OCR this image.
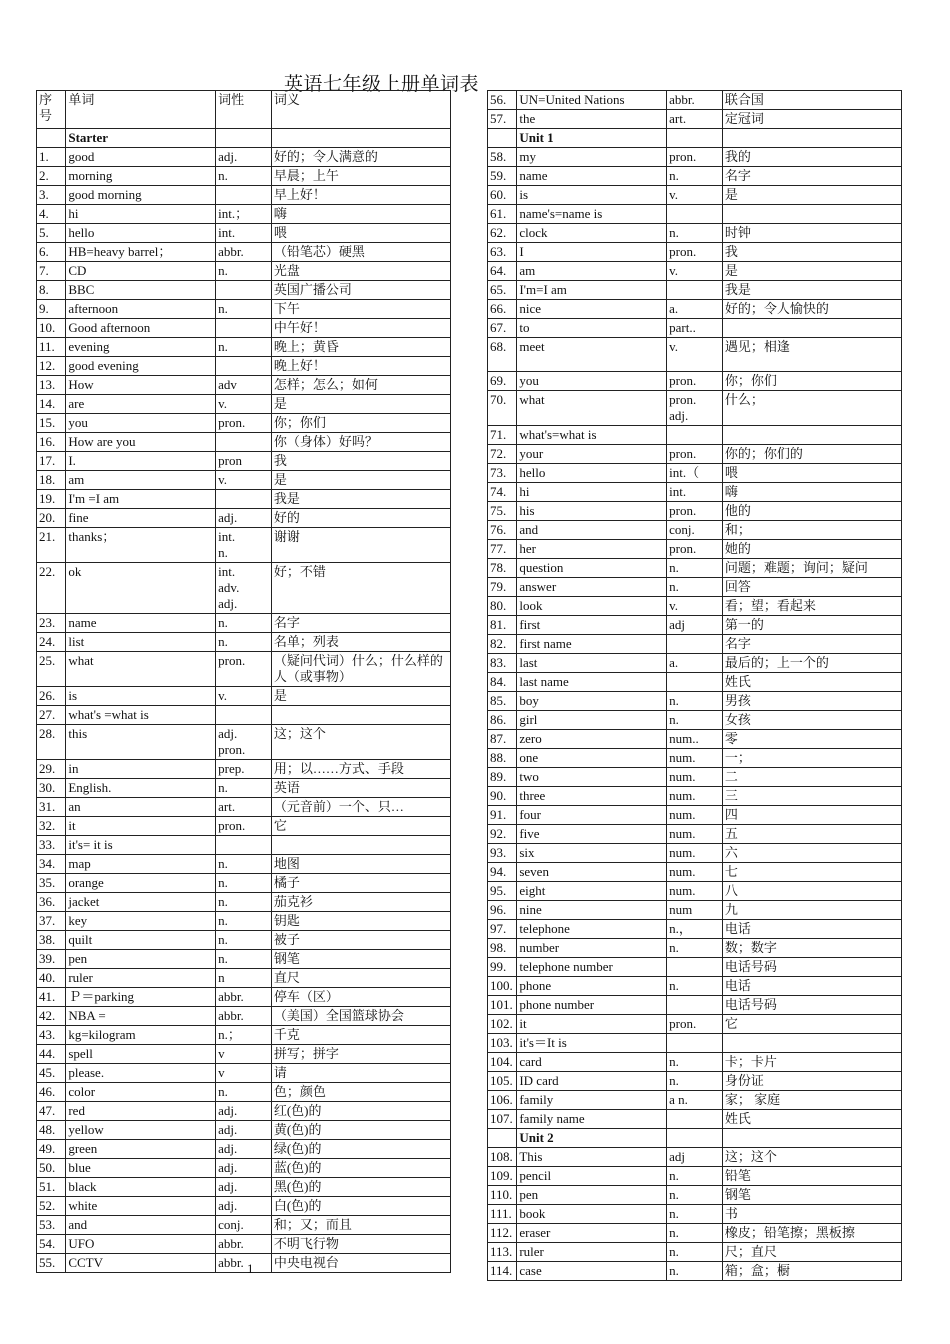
英语七年级上册单词表
序号	单词	词性	词义
	Starter		
1.	good	adj.	好的；令人满意的
2.	morning	n.	早晨；上午
3.	good morning		早上好！
4.	hi	int.；	嗨
5.	hello	int.	喂
6.	HB=heavy barrel；	abbr.	（铅笔芯）硬黑
7.	CD	n.	光盘
8.	BBC		英国广播公司
9.	afternoon	n.	下午
10.	Good afternoon		中午好！
11.	evening	n.	晚上；黄昏
12.	good evening		晚上好！
13.	How	adv	怎样；怎么；如何
14.	are	v.	是
15.	you	pron.	你；你们
16.	How are you		你（身体）好吗？
17.	I.	pron	我
18.	am	v.	是
19.	I'm =I am		我是
20.	fine	adj.	好的
21.	thanks；	int.
n.	谢谢
22.	ok	int.
adv.
adj.	好；不错
23.	name	n.	名字
24.	list	n.	名单；列表
25.	what	pron.	（疑问代词）什么；什么样的人（或事物）
26.	is	v.	是
27.	what's =what is		
28.	this	adj.
pron.	这；这个
29.	in	prep.	用；以……方式、手段
30.	English.	n.	英语
31.	an	art.	（元音前）一个、只…
32.	it	pron.	它
33.	it's= it is		
34.	map	n.	地图
35.	orange	n.	橘子
36.	jacket	n.	茄克衫
37.	key	n.	钥匙
38.	quilt	n.	被子
39.	pen	n.	钢笔
40.	ruler	n	直尺
41.	Ｐ＝parking	abbr.	停车（区）
42.	NBA =	abbr.	（美国）全国篮球协会
43.	kg=kilogram	n.；	千克
44.	spell	v	拼写；拼字
45.	please.	v	请
46.	color	n.	色；颜色
47.	red	adj.	红(色)的
48.	yellow	adj.	黄(色)的
49.	green	adj.	绿(色)的
50.	blue	adj.	蓝(色)的
51.	black	adj.	黑(色)的
52.	white	adj.	白(色)的
53.	and	conj.	和；又；而且
54.	UFO	abbr.	不明飞行物
55.	CCTV	abbr.	中央电视台
56.	UN=United Nations	abbr.	联合国
57.	the	art.	定冠词
	Unit 1		
58.	my	pron.	我的
59.	name	n.	名字
60.	is	v.	是
61.	name's=name is		
62.	clock	n.	时钟
63.	I	pron.	我
64.	am	v.	是
65.	I'm=I am		我是
66.	nice	a.	好的；令人愉快的
67.	to	part..	
68.	meet	v.	遇见；相逢
69.	you	pron.	你；你们
70.	what	pron.
adj.	什么；
71.	what's=what is		
72.	your	pron.	你的；你们的
73.	hello	int.（	喂
74.	hi	int.	嗨
75.	his	pron.	他的
76.	and	conj.	和；
77.	her	pron.	她的
78.	question	n.	问题；难题；询问；疑问
79.	answer	n.	回答
80.	look	v.	看；望；看起来
81.	first	adj	第一的
82.	first name		名字
83.	last	a.	最后的；上一个的
84.	last name		姓氏
85.	boy	n.	男孩
86.	girl	n.	女孩
87.	zero	num..	零
88.	one	num.	一；
89.	two	num.	二
90.	three	num.	三
91.	four	num.	四
92.	five	num.	五
93.	six	num.	六
94.	seven	num.	七
95.	eight	num.	八
96.	nine	num	九
97.	telephone	n.，	电话
98.	number	n.	数；数字
99.	telephone number		电话号码
100.	phone	n.	电话
101.	phone number		电话号码
102.	it	pron.	它
103.	it's＝It is		
104.	card	n.	卡；卡片
105.	ID card	n.	身份证
106.	family	a n.	家； 家庭
107.	family name		姓氏
	Unit 2		
108.	This	adj	这；这个
109.	pencil	n.	铅笔
110.	pen	n.	钢笔
111.	book	n.	书
112.	eraser	n.	橡皮；铅笔擦；黑板擦
113.	ruler	n.	尺；直尺
114.	case	n.	箱；盒；橱
1
